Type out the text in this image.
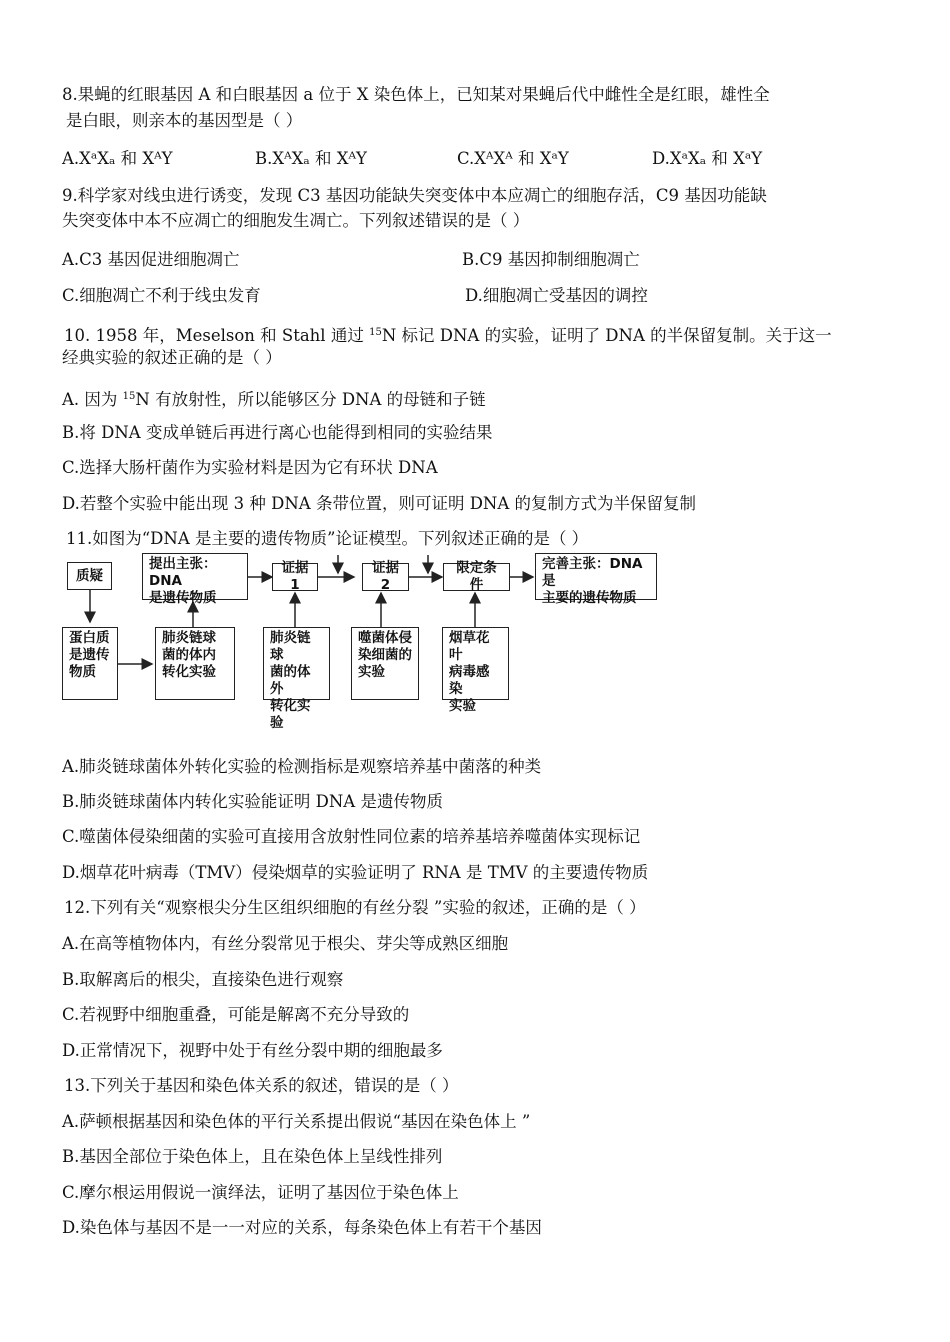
8.果蝇的红眼基因 A 和白眼基因 a 位于 X 染色体上，已知某对果蝇后代中雌性全是红眼，雄性全
是白眼，则亲本的基因型是（ ）
A.XᵃXₐ 和 XᴬY	B.XᴬXₐ 和 XᴬY	C.XᴬXᴬ 和 XᵃY	D.XᵃXₐ 和 XᵃY
9.科学家对线虫进行诱变，发现 C3 基因功能缺失突变体中本应凋亡的细胞存活，C9 基因功能缺
失突变体中本不应凋亡的细胞发生凋亡。下列叙述错误的是（ ）
A.C3 基因促进细胞凋亡	B.C9 基因抑制细胞凋亡
C.细胞凋亡不利于线虫发育	D.细胞凋亡受基因的调控
10. 1958 年，Meselson 和 Stahl 通过 $^{15}$N 标记 DNA 的实验，证明了 DNA 的半保留复制。关于这一
经典实验的叙述正确的是（ ）
A. 因为 $^{15}$N 有放射性，所以能够区分 DNA 的母链和子链
B.将 DNA 变成单链后再进行离心也能得到相同的实验结果
C.选择大肠杆菌作为实验材料是因为它有环状 DNA
D.若整个实验中能出现 3 种 DNA 条带位置，则可证明 DNA 的复制方式为半保留复制
11.如图为“DNA 是主要的遗传物质”论证模型。下列叙述正确的是（ ）
质疑
提出主张：DNA
是遗传物质
证据1
证据2
限定条件
完善主张：DNA是
主要的遗传物质
蛋白质
是遗传
物质
肺炎链球
菌的体内
转化实验
肺炎链球
菌的体外
转化实验
噬菌体侵
染细菌的
实验
烟草花叶
病毒感染
实验
A.肺炎链球菌体外转化实验的检测指标是观察培养基中菌落的种类
B.肺炎链球菌体内转化实验能证明 DNA 是遗传物质
C.噬菌体侵染细菌的实验可直接用含放射性同位素的培养基培养噬菌体实现标记
D.烟草花叶病毒（TMV）侵染烟草的实验证明了 RNA 是 TMV 的主要遗传物质
12.下列有关“观察根尖分生区组织细胞的有丝分裂 ”实验的叙述，正确的是（ ）
A.在高等植物体内，有丝分裂常见于根尖、芽尖等成熟区细胞
B.取解离后的根尖，直接染色进行观察
C.若视野中细胞重叠，可能是解离不充分导致的
D.正常情况下，视野中处于有丝分裂中期的细胞最多
13.下列关于基因和染色体关系的叙述，错误的是（ ）
A.萨顿根据基因和染色体的平行关系提出假说“基因在染色体上 ”
B.基因全部位于染色体上，且在染色体上呈线性排列
C.摩尔根运用假说一演绎法，证明了基因位于染色体上
D.染色体与基因不是一一对应的关系，每条染色体上有若干个基因
